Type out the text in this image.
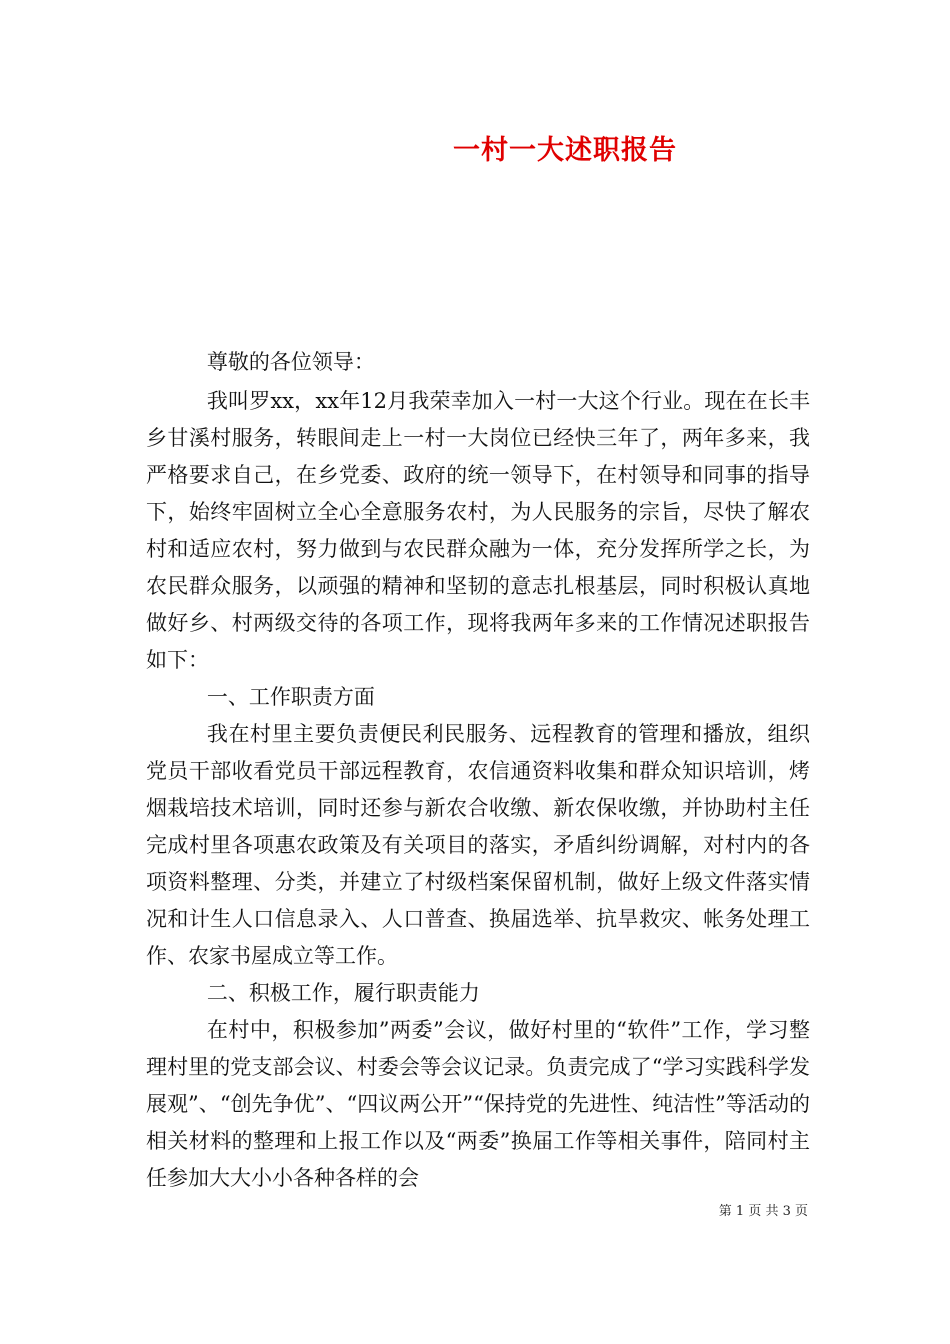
一村一大述职报告

尊敬的各位领导：

我叫罗xx，xx年12月我荣幸加入一村一大这个行业。现在在长丰乡甘溪村服务，转眼间走上一村一大岗位已经快三年了，两年多来，我严格要求自己，在乡党委、政府的统一领导下，在村领导和同事的指导下，始终牢固树立全心全意服务农村，为人民服务的宗旨，尽快了解农村和适应农村，努力做到与农民群众融为一体，充分发挥所学之长，为农民群众服务，以顽强的精神和坚韧的意志扎根基层，同时积极认真地做好乡、村两级交待的各项工作，现将我两年多来的工作情况述职报告如下：

一、工作职责方面

我在村里主要负责便民利民服务、远程教育的管理和播放，组织党员干部收看党员干部远程教育，农信通资料收集和群众知识培训，烤烟栽培技术培训，同时还参与新农合收缴、新农保收缴，并协助村主任完成村里各项惠农政策及有关项目的落实，矛盾纠纷调解，对村内的各项资料整理、分类，并建立了村级档案保留机制，做好上级文件落实情况和计生人口信息录入、人口普查、换届选举、抗旱救灾、帐务处理工作、农家书屋成立等工作。

二、积极工作，履行职责能力

在村中，积极参加”两委”会议，做好村里的“软件”工作，学习整理村里的党支部会议、村委会等会议记录。负责完成了“学习实践科学发展观”、“创先争优”、“四议两公开”“保持党的先进性、纯洁性”等活动的相关材料的整理和上报工作以及“两委”换届工作等相关事件，陪同村主任参加大大小小各种各样的会

第 1 页 共 3 页
